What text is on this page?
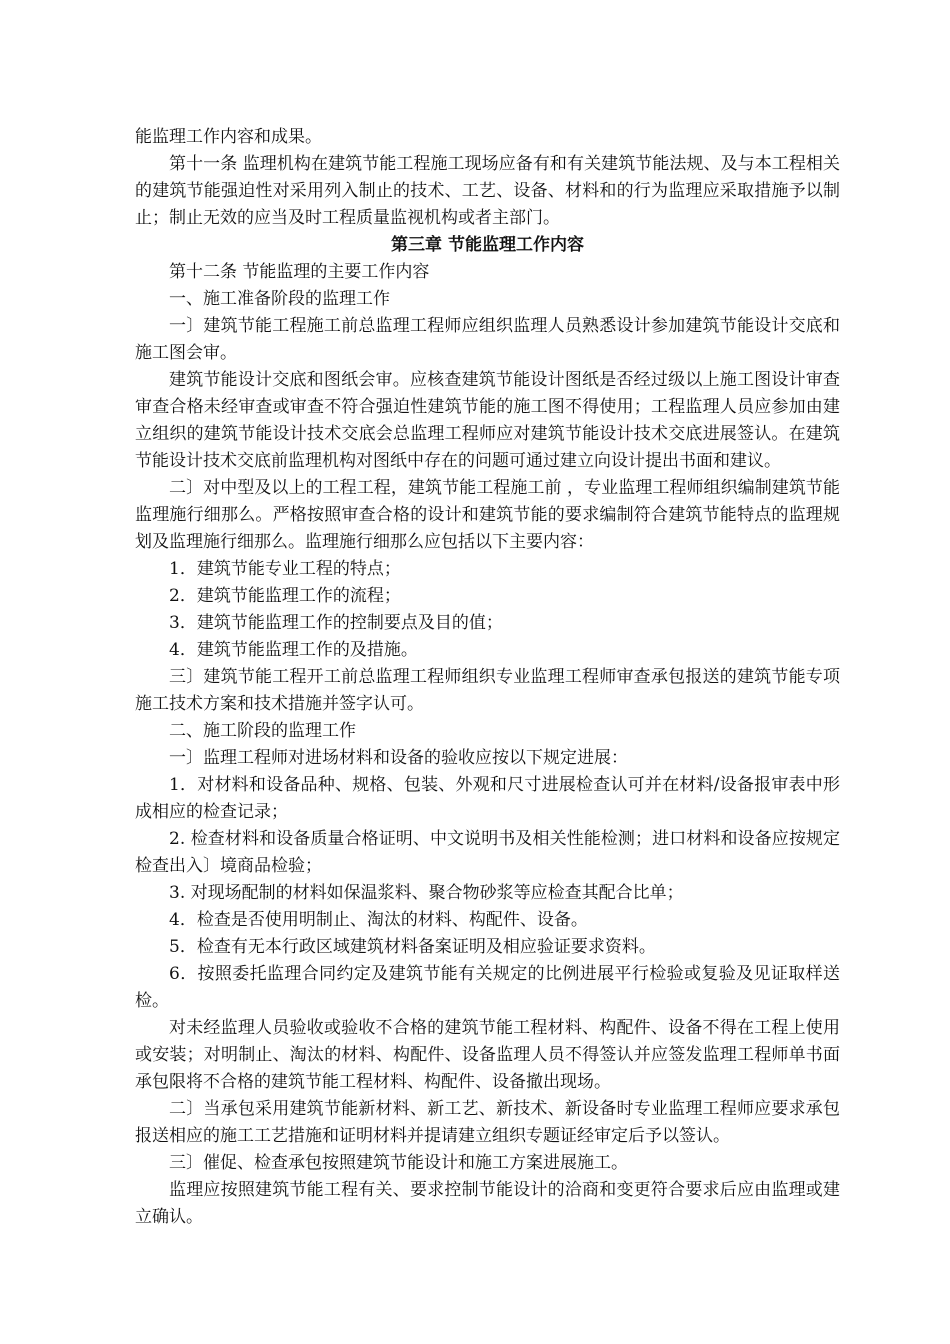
能监理工作内容和成果。

第十一条 监理机构在建筑节能工程施工现场应备有和有关建筑节能法规、及与本工程相关的建筑节能强迫性对采用列入制止的技术、工艺、设备、材料和的行为监理应采取措施予以制止；制止无效的应当及时工程质量监视机构或者主部门。

第三章 节能监理工作内容

第十二条 节能监理的主要工作内容

一、施工准备阶段的监理工作

一〕建筑节能工程施工前总监理工程师应组织监理人员熟悉设计参加建筑节能设计交底和施工图会审。

建筑节能设计交底和图纸会审。应核查建筑节能设计图纸是否经过级以上施工图设计审查审查合格未经审查或审查不符合强迫性建筑节能的施工图不得使用；工程监理人员应参加由建立组织的建筑节能设计技术交底会总监理工程师应对建筑节能设计技术交底进展签认。在建筑节能设计技术交底前监理机构对图纸中存在的问题可通过建立向设计提出书面和建议。

二〕对中型及以上的工程工程，建筑节能工程施工前 ，专业监理工程师组织编制建筑节能监理施行细那么。严格按照审查合格的设计和建筑节能的要求编制符合建筑节能特点的监理规划及监理施行细那么。监理施行细那么应包括以下主要内容：

1．建筑节能专业工程的特点；

2．建筑节能监理工作的流程；

3．建筑节能监理工作的控制要点及目的值；

4．建筑节能监理工作的及措施。

三〕建筑节能工程开工前总监理工程师组织专业监理工程师审查承包报送的建筑节能专项施工技术方案和技术措施并签字认可。

二、施工阶段的监理工作

一〕监理工程师对进场材料和设备的验收应按以下规定进展：

1．对材料和设备品种、规格、包装、外观和尺寸进展检查认可并在材料/设备报审表中形成相应的检查记录；

2. 检查材料和设备质量合格证明、中文说明书及相关性能检测；进口材料和设备应按规定检查出入〕境商品检验；

3. 对现场配制的材料如保温浆料、聚合物砂浆等应检查其配合比单；

4．检查是否使用明制止、淘汰的材料、构配件、设备。

5．检查有无本行政区域建筑材料备案证明及相应验证要求资料。

6．按照委托监理合同约定及建筑节能有关规定的比例进展平行检验或复验及见证取样送检。

对未经监理人员验收或验收不合格的建筑节能工程材料、构配件、设备不得在工程上使用或安装；对明制止、淘汰的材料、构配件、设备监理人员不得签认并应签发监理工程师单书面承包限将不合格的建筑节能工程材料、构配件、设备撤出现场。

二〕当承包采用建筑节能新材料、新工艺、新技术、新设备时专业监理工程师应要求承包报送相应的施工工艺措施和证明材料并提请建立组织专题证经审定后予以签认。

三〕催促、检查承包按照建筑节能设计和施工方案进展施工。

监理应按照建筑节能工程有关、要求控制节能设计的洽商和变更符合要求后应由监理或建立确认。
